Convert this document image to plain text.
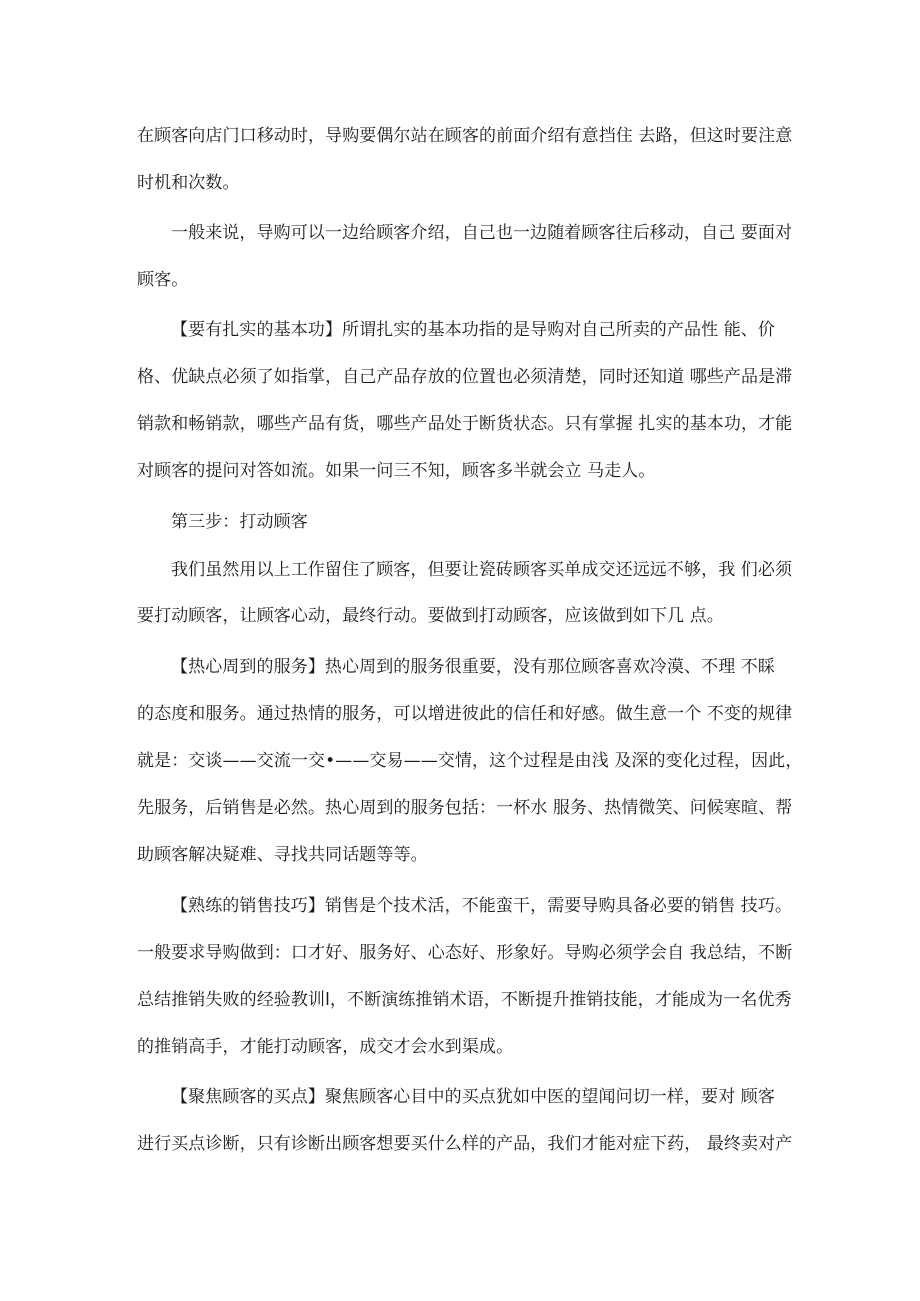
在顾客向店门口移动时，导购要偶尔站在顾客的前面介绍有意挡住 去路，但这时要注意
时机和次数。
一般来说，导购可以一边给顾客介绍，自己也一边随着顾客往后移动，自己 要面对
顾客。
【要有扎实的基本功】所谓扎实的基本功指的是导购对自己所卖的产品性 能、价
格、优缺点必须了如指掌，自己产品存放的位置也必须清楚，同时还知道 哪些产品是滞
销款和畅销款，哪些产品有货，哪些产品处于断货状态。只有掌握 扎实的基本功，才能
对顾客的提问对答如流。如果一问三不知，顾客多半就会立 马走人。
第三步：打动顾客
我们虽然用以上工作留住了顾客，但要让瓷砖顾客买单成交还远远不够，我 们必须
要打动顾客，让顾客心动，最终行动。要做到打动顾客，应该做到如下几 点。
【热心周到的服务】热心周到的服务很重要，没有那位顾客喜欢冷漠、不理 不睬
的态度和服务。通过热情的服务，可以增进彼此的信任和好感。做生意一个 不变的规律
就是：交谈——交流一交•——交易——交情，这个过程是由浅 及深的变化过程，因此，
先服务，后销售是必然。热心周到的服务包括：一杯水 服务、热情微笑、问候寒暄、帮
助顾客解决疑难、寻找共同话题等等。
【熟练的销售技巧】销售是个技术活，不能蛮干，需要导购具备必要的销售 技巧。
一般要求导购做到：口才好、服务好、心态好、形象好。导购必须学会自 我总结，不断
总结推销失败的经验教训l，不断演练推销术语，不断提升推销技能，才能成为一名优秀
的推销高手，才能打动顾客，成交才会水到渠成。
【聚焦顾客的买点】聚焦顾客心目中的买点犹如中医的望闻问切一样，要对 顾客
进行买点诊断，只有诊断出顾客想要买什么样的产品，我们才能对症下药， 最终卖对产
